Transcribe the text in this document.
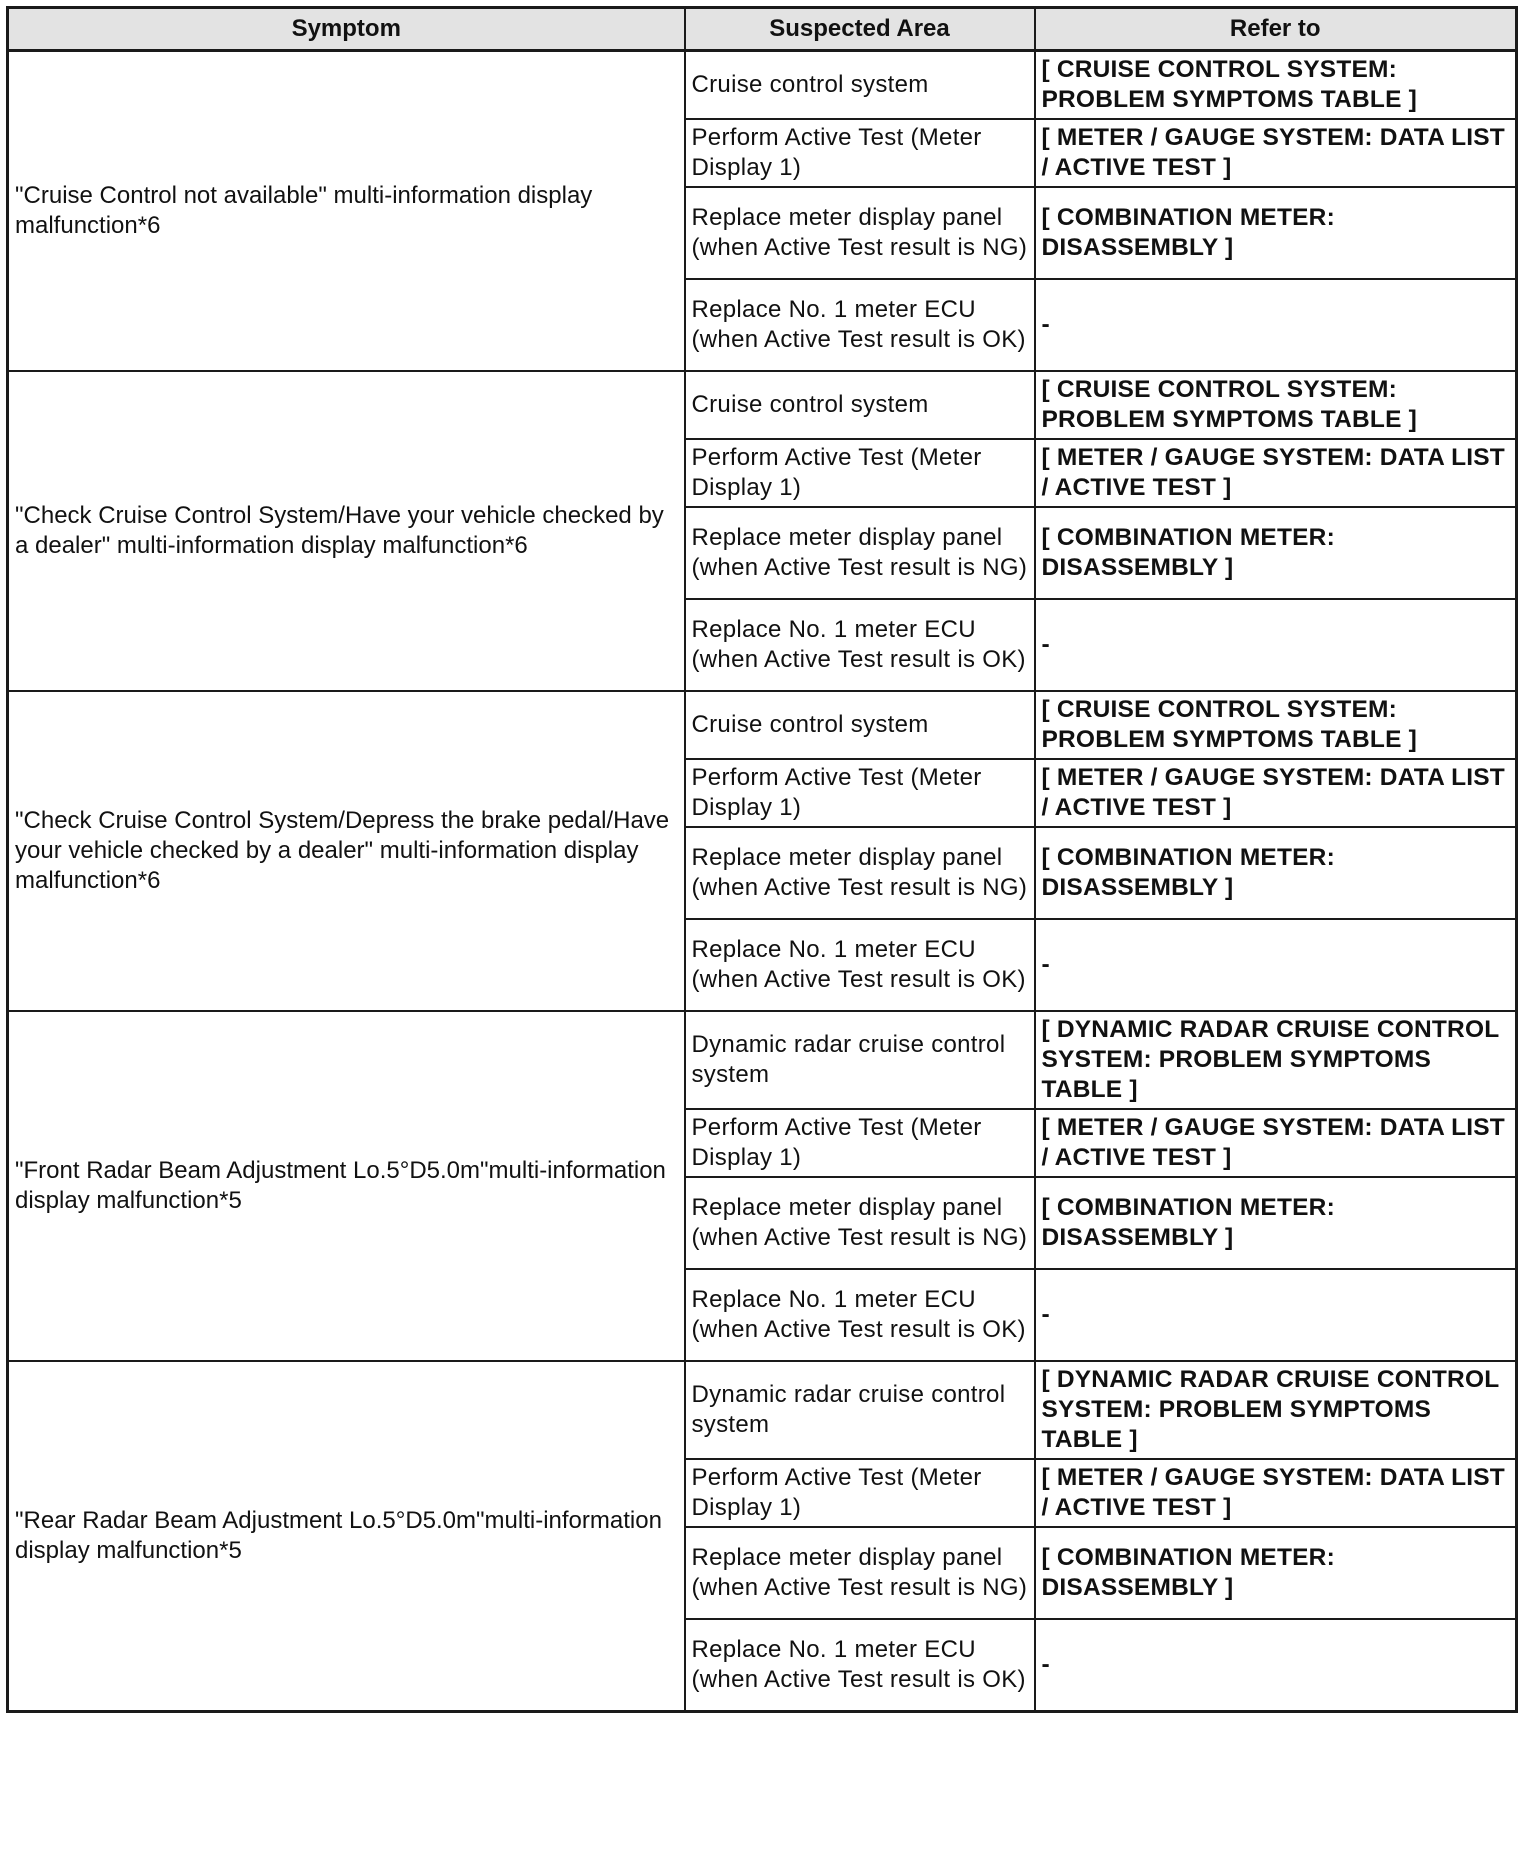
Symptom	Suspected Area	Refer to
"Cruise Control not available" multi-information display malfunction*6	Cruise control system	[ CRUISE CONTROL SYSTEM: PROBLEM SYMPTOMS TABLE ]
	Perform Active Test (Meter Display 1)	[ METER / GAUGE SYSTEM: DATA LIST / ACTIVE TEST ]
	Replace meter display panel (when Active Test result is NG)	[ COMBINATION METER: DISASSEMBLY ]
	Replace No. 1 meter ECU (when Active Test result is OK)	-
"Check Cruise Control System/Have your vehicle checked by a dealer" multi-information display malfunction*6	Cruise control system	[ CRUISE CONTROL SYSTEM: PROBLEM SYMPTOMS TABLE ]
	Perform Active Test (Meter Display 1)	[ METER / GAUGE SYSTEM: DATA LIST / ACTIVE TEST ]
	Replace meter display panel (when Active Test result is NG)	[ COMBINATION METER: DISASSEMBLY ]
	Replace No. 1 meter ECU (when Active Test result is OK)	-
"Check Cruise Control System/Depress the brake pedal/Have your vehicle checked by a dealer" multi-information display malfunction*6	Cruise control system	[ CRUISE CONTROL SYSTEM: PROBLEM SYMPTOMS TABLE ]
	Perform Active Test (Meter Display 1)	[ METER / GAUGE SYSTEM: DATA LIST / ACTIVE TEST ]
	Replace meter display panel (when Active Test result is NG)	[ COMBINATION METER: DISASSEMBLY ]
	Replace No. 1 meter ECU (when Active Test result is OK)	-
"Front Radar Beam Adjustment Lo.5°D5.0m"multi-information display malfunction*5	Dynamic radar cruise control system	[ DYNAMIC RADAR CRUISE CONTROL SYSTEM: PROBLEM SYMPTOMS TABLE ]
	Perform Active Test (Meter Display 1)	[ METER / GAUGE SYSTEM: DATA LIST / ACTIVE TEST ]
	Replace meter display panel (when Active Test result is NG)	[ COMBINATION METER: DISASSEMBLY ]
	Replace No. 1 meter ECU (when Active Test result is OK)	-
"Rear Radar Beam Adjustment Lo.5°D5.0m"multi-information display malfunction*5	Dynamic radar cruise control system	[ DYNAMIC RADAR CRUISE CONTROL SYSTEM: PROBLEM SYMPTOMS TABLE ]
	Perform Active Test (Meter Display 1)	[ METER / GAUGE SYSTEM: DATA LIST / ACTIVE TEST ]
	Replace meter display panel (when Active Test result is NG)	[ COMBINATION METER: DISASSEMBLY ]
	Replace No. 1 meter ECU (when Active Test result is OK)	-
